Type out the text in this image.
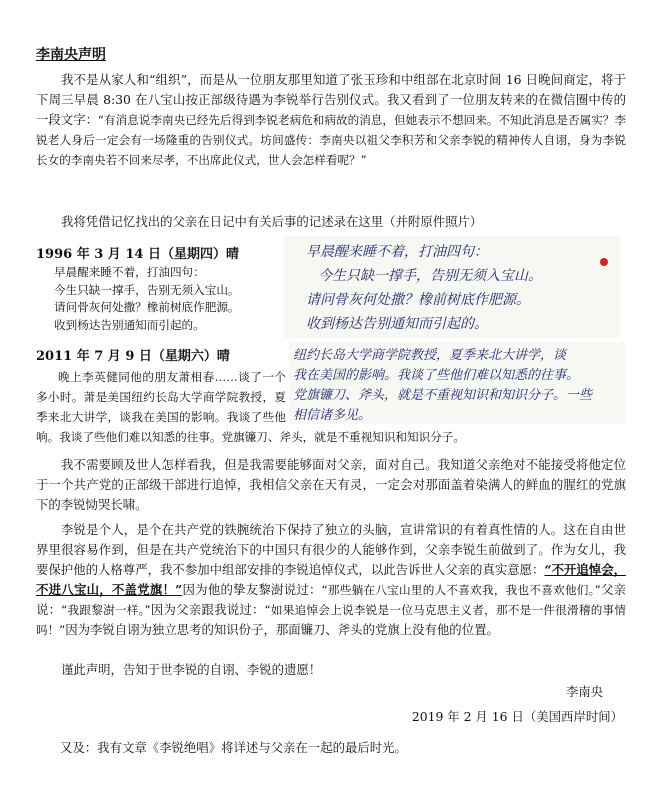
李南央声明

我不是从家人和“组织”，而是从一位朋友那里知道了张玉珍和中组部在北京时间 16 日晚间商定，将于下周三早晨 8:30 在八宝山按正部级待遇为李锐举行告别仪式。我又看到了一位朋友转来的在微信圈中传的一段文字：“有消息说李南央已经先后得到李锐老病危和病故的消息，但她表示不想回来。不知此消息是否属实？李锐老人身后一定会有一场隆重的告别仪式。坊间盛传：李南央以祖父李积芳和父亲李锐的精神传人自诩，身为李锐长女的李南央若不回来尽孝，不出席此仪式，世人会怎样看呢？”

我将凭借记忆找出的父亲在日记中有关后事的记述录在这里（并附原件照片）

1996 年 3 月 14 日（星期四）晴
早晨醒来睡不着，打油四句：
今生只缺一撑手，告别无须入宝山。
请问骨灰何处撒？橡前树底作肥源。
收到杨达告别通知而引起的。
早晨醒来睡不着，打油四句：
今生只缺一撑手，告别无须入宝山。
请问骨灰何处撒？橡前树底作肥源。
收到杨达告别通知而引起的。
2011 年 7 月 9 日（星期六）晴

晚上李英健同他的朋友萧相春……谈了一个多小时。萧是美国纽约长岛大学商学院教授，夏季来北大讲学，谈我在美国的影响。我谈了些他

响。我谈了些他们难以知悉的往事。党旗镰刀、斧头，就是不重视知识和知识分子。

纽约长岛大学商学院教授，夏季来北大讲学，谈
我在美国的影响。我谈了些他们难以知悉的往事。
党旗镰刀、斧头，就是不重视知识和知识分子。一些
相信诸多见。

我不需要顾及世人怎样看我，但是我需要能够面对父亲，面对自己。我知道父亲绝对不能接受将他定位于一个共产党的正部级干部进行追悼，我相信父亲在天有灵，一定会对那面盖着染满人的鲜血的腥红的党旗下的李锐恸哭长啸。

李锐是个人，是个在共产党的铁腕统治下保持了独立的头脑，宣讲常识的有着真性情的人。这在自由世界里很容易作到，但是在共产党统治下的中国只有很少的人能够作到，父亲李锐生前做到了。作为女儿，我要保护他的人格尊严，我不参加中组部安排的李锐追悼仪式，以此告诉世人父亲的真实意愿：“不开追悼会，不进八宝山，不盖党旗！”因为他的挚友黎澍说过：“那些躺在八宝山里的人不喜欢我，我也不喜欢他们。”父亲说：“我跟黎澍一样。”因为父亲跟我说过：“如果追悼会上说李锐是一位马克思主义者，那不是一件很滑稽的事情吗！”因为李锐自诩为独立思考的知识份子，那面镰刀、斧头的党旗上没有他的位置。

谨此声明，告知于世李锐的自诩、李锐的遗愿！

李南央
2019 年 2 月 16 日（美国西岸时间）
又及：我有文章《李锐绝唱》将详述与父亲在一起的最后时光。
